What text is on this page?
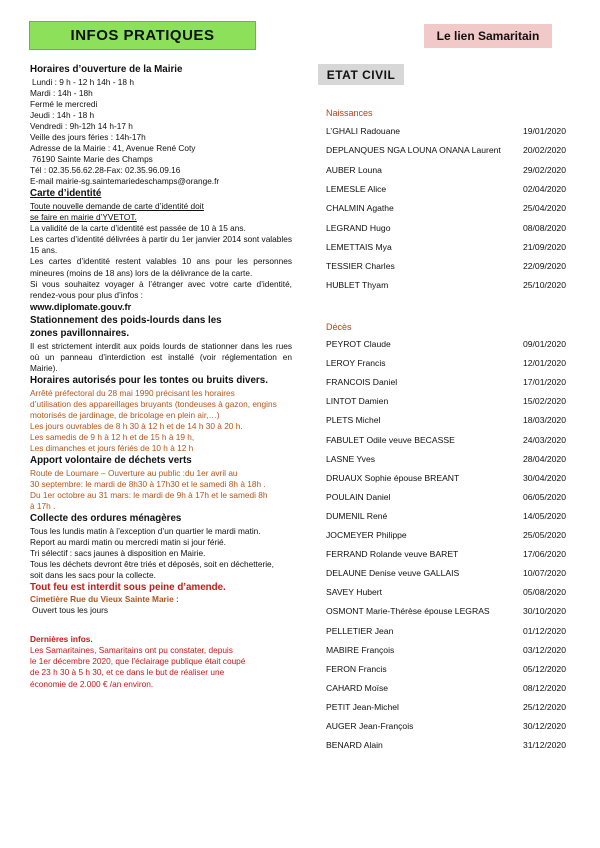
INFOS PRATIQUES	Le lien Samaritain
ETAT CIVIL
Horaires d’ouverture de la Mairie
Lundi : 9 h - 12 h 14h - 18 h
Mardi : 14h - 18h
Fermé le mercredi
Jeudi : 14h - 18 h
Vendredi : 9h-12h 14 h-17 h
Veille des jours féries : 14h-17h
Adresse de la Mairie : 41, Avenue René Coty
76190 Sainte Marie des Champs
Tél : 02.35.56.62.28-Fax: 02.35.96.09.16
E-mail mairie-sg.saintemariedeschamps@orange.fr
Carte d’identité
Toute nouvelle demande de carte d’identité doit
se faire en mairie d’YVETOT.
La validité de la carte d’identité est passée de 10 à 15 ans.
Les cartes d’identité délivrées à partir du 1er janvier 2014 sont valables 15 ans.
Les cartes d’identité restent valables 10 ans pour les personnes mineures (moins de 18 ans) lors de la délivrance de la carte.
Si vous souhaitez voyager à l’étranger avec votre carte d’identité, rendez-vous pour plus d’infos :
www.diplomate.gouv.fr
Stationnement des poids-lourds dans les
zones pavillonnaires.
Il est strictement interdit aux poids lourds de stationner dans les rues où un panneau d’interdiction est installé (voir réglementation en Mairie).
Horaires autorisés pour les tontes ou bruits divers.
Arrêté préfectoral du 28 mai 1990 précisant les horaires
d’utilisation des appareillages bruyants (tondeuses à gazon, engins
motorisés de jardinage, de bricolage en plein air,…)
Les jours ouvrables de 8 h 30 à 12 h et de 14 h 30 à 20 h.
Les samedis de 9 h à 12 h et de 15 h à 19 h,
Les dimanches et jours fériés de 10 h à 12 h
Apport volontaire de déchets verts
Route de Loumare – Ouverture au public :du 1er avril au
30 septembre: le mardi de 8h30 à 17h30 et le samedi 8h à 18h .
Du 1er octobre au 31 mars: le mardi de 9h à 17h et le samedi 8h
à 17h .
Collecte des ordures ménagères
Tous les lundis matin à l’exception d’un quartier le mardi matin.
Report au mardi matin ou mercredi matin si jour férié.
Tri sélectif : sacs jaunes à disposition en Mairie.
Tous les déchets devront être triés et déposés, soit en déchetterie,
soit dans les sacs pour la collecte.
Tout feu est interdit sous peine d’amende.
Cimetière Rue du Vieux Sainte Marie :
Ouvert tous les jours
Dernières infos.
Les Samaritaines, Samaritains ont pu constater, depuis
le 1er décembre 2020, que l’éclairage publique était coupé
de 23 h 30 à 5 h 30, et ce dans le but de réaliser une
économie de 2.000 € /an environ.
Naissances
L’GHALI Radouane	19/01/2020
DEPLANQUES NGA LOUNA ONANA Laurent	20/02/2020
AUBER Louna	29/02/2020
LEMESLE Alice	02/04/2020
CHALMIN Agathe	25/04/2020
LEGRAND Hugo	08/08/2020
LEMETTAIS Mya	21/09/2020
TESSIER Charles	22/09/2020
HUBLET Thyam	25/10/2020
Décès
PEYROT Claude	09/01/2020
LEROY Francis	12/01/2020
FRANCOIS Daniel	17/01/2020
LINTOT Damien	15/02/2020
PLETS Michel	18/03/2020
FABULET Odile veuve BECASSE	24/03/2020
LASNE Yves	28/04/2020
DRUAUX Sophie épouse BREANT	30/04/2020
POULAIN Daniel	06/05/2020
DUMENIL René	14/05/2020
JOCMEYER Philippe	25/05/2020
FERRAND Rolande veuve BARET	17/06/2020
DELAUNE Denise veuve GALLAIS	10/07/2020
SAVEY Hubert	05/08/2020
OSMONT Marie-Thérèse épouse LEGRAS	30/10/2020
PELLETIER Jean	01/12/2020
MABIRE François	03/12/2020
FERON Francis	05/12/2020
CAHARD Moïse	08/12/2020
PETIT Jean-Michel	25/12/2020
AUGER Jean-François	30/12/2020
BENARD Alain	31/12/2020
